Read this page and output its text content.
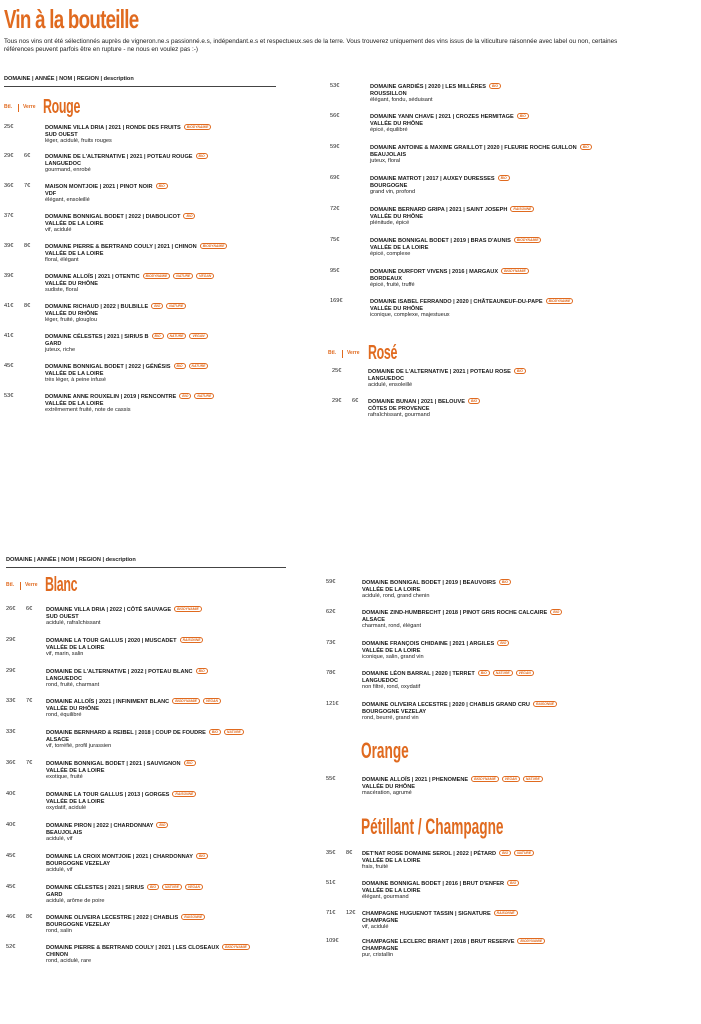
Vin à la bouteille
Tous nos vins ont été sélectionnés auprès de vigneron.ne.s passionné.e.s, indépendant.e.s et respectueux.ses de la terre. Vous trouverez uniquement des vins issus de la viticulture raisonnée avec label ou non, certaines références peuvent parfois être en rupture - ne nous en voulez pas :-)
DOMAINE | ANNÉE | NOM | REGION | description
Btl. Verre Rouge
25€	DOMAINE VILLA DRIA | 2021 | RONDE DES FRUITS BIODYNAMIE
SUD OUEST
léger, acidulé, fruits rouges
29€ 6€	DOMAINE DE L'ALTERNATIVE | 2021 | POTEAU ROUGE BIO
LANGUEDOC
gourmand, enrobé
36€ 7€	MAISON MONTJOIE | 2021 | PINOT NOIR BIO
VDF
élégant, ensoleillé
37€	DOMAINE BONNIGAL BODET | 2022 | DIABOLICOT BIO
VALLÉE DE LA LOIRE
vif, acidulé
39€ 8€	DOMAINE PIERRE & BERTRAND COULY | 2021 | CHINON BIODYNAMIE
VALLÉE DE LA LOIRE
floral, élégant
39€	DOMAINE ALLOÏS | 2021 | OTENTIC BIODYNAMIE	NATURE	VEGAN
VALLÉE DU RHÔNE
sudiste, floral
41€ 8€	DOMAINE RICHAUD | 2022 | BULBILLE BIO	NATURE
VALLÉE DU RHÔNE
léger, fruité, glouglou
41€	DOMAINE CÉLESTES | 2021 | SIRIUS B BIO	NATURE	VEGAN
GARD
juteux, riche
45€	DOMAINE BONNIGAL BODET | 2022 | GÉNÉSIS BIO	NATURE
VALLÉE DE LA LOIRE
très léger, à peine infusé
53€	DOMAINE ANNE ROUXELIN | 2019 | RENCONTRE BIO	NATURE
VALLÉE DE LA LOIRE
extrêmement fruité, note de cassis
53€	DOMAINE GARDIÉS | 2020 | LES MILLÈRES BIO
ROUSSILLON
élégant, fondu, séduisant
56€	DOMAINE YANN CHAVE | 2021 | CROZES HERMITAGE BIO
VALLÉE DU RHÔNE
épicé, équilibré
59€	DOMAINE ANTOINE & MAXIME GRAILLOT | 2020 | FLEURIE ROCHE GUILLON BIO
BEAUJOLAIS
juteux, floral
69€	DOMAINE MATROT | 2017 | AUXEY DURESSES BIO
BOURGOGNE
grand vin, profond
72€	DOMAINE BERNARD GRIPA | 2021 | SAINT JOSEPH RAISONNÉ
VALLÉE DU RHÔNE
plénitude, épicé
75€	DOMAINE BONNIGAL BODET | 2019 | BRAS D'AUNIS BIODYNAMIE
VALLÉE DE LA LOIRE
épicé, complexe
95€	DOMAINE DURFORT VIVENS | 2016 | MARGAUX BIODYNAMIE
BORDEAUX
épicé, fruité, truffé
169€	DOMAINE ISABEL FERRANDO | 2020 | CHÂTEAUNEUF-DU-PAPE BIODYNAMIE
VALLÉE DU RHÔNE
iconique, complexe, majestueux
Btl. Verre Rosé
25€	DOMAINE DE L'ALTERNATIVE | 2021 | POTEAU ROSE BIO
LANGUEDOC
acidulé, ensoleillé
29€ 6€ DOMAINE BUNAN | 2021 | BELOUVE BIO
CÔTES DE PROVENCE
rafraîchissant, gourmand
DOMAINE | ANNÉE | NOM | REGION | description
Btl. Verre Blanc
26€ 6€ DOMAINE VILLA DRIA | 2022 | CÔTÉ SAUVAGE BIODYNAMIE
SUD OUEST
acidulé, rafraîchissant
29€	DOMAINE LA TOUR GALLUS | 2020 | MUSCADET RAISONNÉ
VALLÉE DE LA LOIRE
vif, marin, salin
29€	DOMAINE DE L'ALTERNATIVE | 2022 | POTEAU BLANC BIO
LANGUEDOC
rond, fruité, charmant
33€ 7€ DOMAINE ALLOÏS | 2021 | INFINIMENT BLANC BIODYNAMIE	VEGAN
VALLÉE DU RHÔNE
rond, équilibré
33€	DOMAINE BERNHARD & REIBEL | 2018 | COUP DE FOUDRE BIO	NATURE
ALSACE
vif, torréfié, profil jurassien
36€ 7€ DOMAINE BONNIGAL BODET | 2021 | SAUVIGNON BIO
VALLÉE DE LA LOIRE
exotique, fruité
40€	DOMAINE LA TOUR GALLUS | 2013 | GORGES RAISONNÉ
VALLÉE DE LA LOIRE
oxydatif, acidulé
40€	DOMAINE PIRON | 2022 | CHARDONNAY BIO
BEAUJOLAIS
acidulé, vif
45€	DOMAINE LA CROIX MONTJOIE | 2021 | CHARDONNAY BIO
BOURGOGNE VEZELAY
acidulé, vif
45€	DOMAINE CÉLESTES | 2021 | SIRIUS BIO	NATURE	VEGAN
GARD
acidulé, arôme de poire
46€ 8€ DOMAINE OLIVEIRA LECESTRE | 2022 | CHABLIS RAISONNÉ
BOURGOGNE VEZELAY
rond, salin
52€	DOMAINE PIERRE & BERTRAND COULY | 2021 | LES CLOSEAUX BIODYNAMIE
CHINON
rond, acidulé, rare
59€	DOMAINE BONNIGAL BODET | 2019 | BEAUVOIRS BIO
VALLÉE DE LA LOIRE
acidulé, rond, grand chenin
62€	DOMAINE ZIND-HUMBRECHT | 2018 | PINOT GRIS ROCHE CALCAIRE BIO
ALSACE
charmant, rond, élégant
73€	DOMAINE FRANÇOIS CHIDAINE | 2021 | ARGILES BIO
VALLÉE DE LA LOIRE
iconique, salin, grand vin
78€	DOMAINE LÉON BARRAL | 2020 | TERRET BIO	NATURE	VEGAN
LANGUEDOC
non filtré, rond, oxydatif
121€	DOMAINE OLIVEIRA LECESTRE | 2020 | CHABLIS GRAND CRU RAISONNÉ
BOURGOGNE VEZELAY
rond, beurré, grand vin
Orange
55€	DOMAINE ALLOÏS | 2021 | PHENOMENE BIODYNAMIE	VEGAN	NATURE
VALLÉE DU RHÔNE
macération, agrumé
Pétillant / Champagne
35€ 8€ DET'NAT ROSE DOMAINE SEROL | 2022 | PÉTARD BIO	NATURE
VALLÉE DE LA LOIRE
frais, fruité
51€	DOMAINE BONNIGAL BODET | 2016 | BRUT D'ENFER BIO
VALLÉE DE LA LOIRE
élégant, gourmand
71€ 12€ CHAMPAGNE HUGUENOT TASSIN | SIGNATURE RAISONNÉ
CHAMPAGNE
vif, acidulé
109€	CHAMPAGNE LECLERC BRIANT | 2018 | BRUT RESERVE BIODYNAMIE
CHAMPAGNE
pur, cristallin
